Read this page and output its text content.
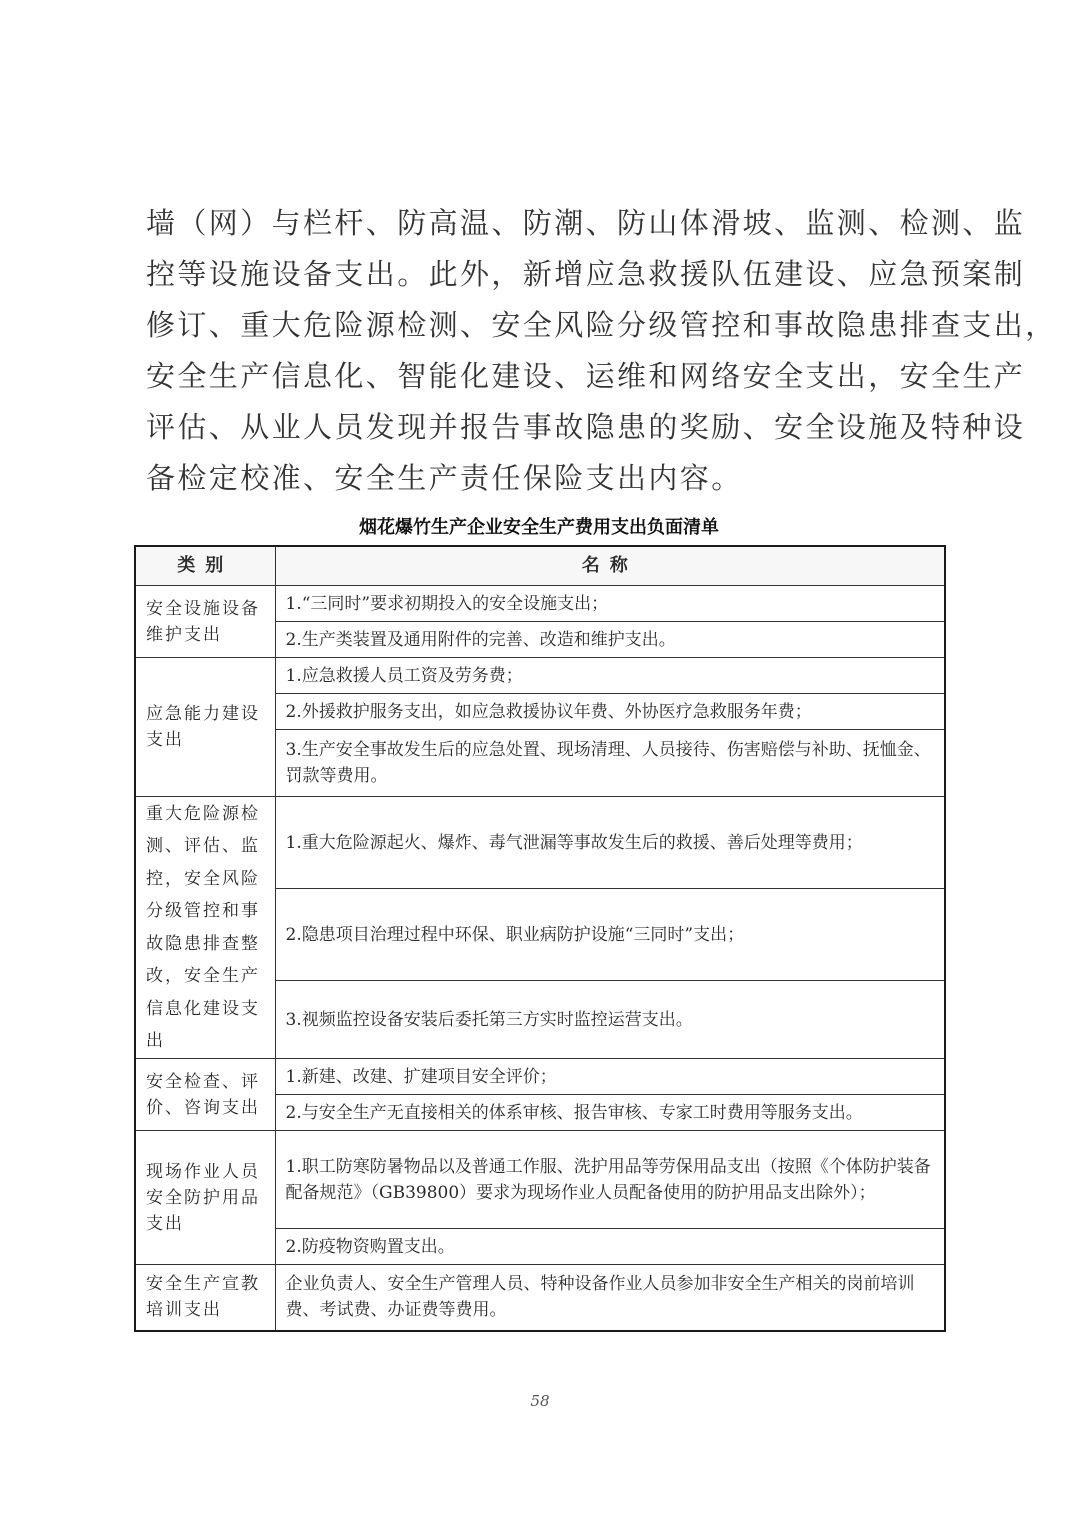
墙（网）与栏杆、防高温、防潮、防山体滑坡、监测、检测、监
控等设施设备支出。此外，新增应急救援队伍建设、应急预案制
修订、重大危险源检测、安全风险分级管控和事故隐患排查支出，
安全生产信息化、智能化建设、运维和网络安全支出，安全生产
评估、从业人员发现并报告事故隐患的奖励、安全设施及特种设
备检定校准、安全生产责任保险支出内容。
烟花爆竹生产企业安全生产费用支出负面清单
类别	名称
安全设施设备维护支出	1.“三同时”要求初期投入的安全设施支出；
	2.生产类装置及通用附件的完善、改造和维护支出。
应急能力建设支出	1.应急救援人员工资及劳务费；
	2.外援救护服务支出，如应急救援协议年费、外协医疗急救服务年费；
	3.生产安全事故发生后的应急处置、现场清理、人员接待、伤害赔偿与补助、抚恤金、罚款等费用。
重大危险源检测、评估、监控，安全风险分级管控和事故隐患排查整改，安全生产信息化建设支出	1.重大危险源起火、爆炸、毒气泄漏等事故发生后的救援、善后处理等费用；
	2.隐患项目治理过程中环保、职业病防护设施“三同时”支出；
	3.视频监控设备安装后委托第三方实时监控运营支出。
安全检查、评价、咨询支出	1.新建、改建、扩建项目安全评价；
	2.与安全生产无直接相关的体系审核、报告审核、专家工时费用等服务支出。
现场作业人员安全防护用品支出	1.职工防寒防暑物品以及普通工作服、洗护用品等劳保用品支出（按照《个体防护装备配备规范》（GB39800）要求为现场作业人员配备使用的防护用品支出除外）；
	2.防疫物资购置支出。
安全生产宣教培训支出	企业负责人、安全生产管理人员、特种设备作业人员参加非安全生产相关的岗前培训费、考试费、办证费等费用。
58
